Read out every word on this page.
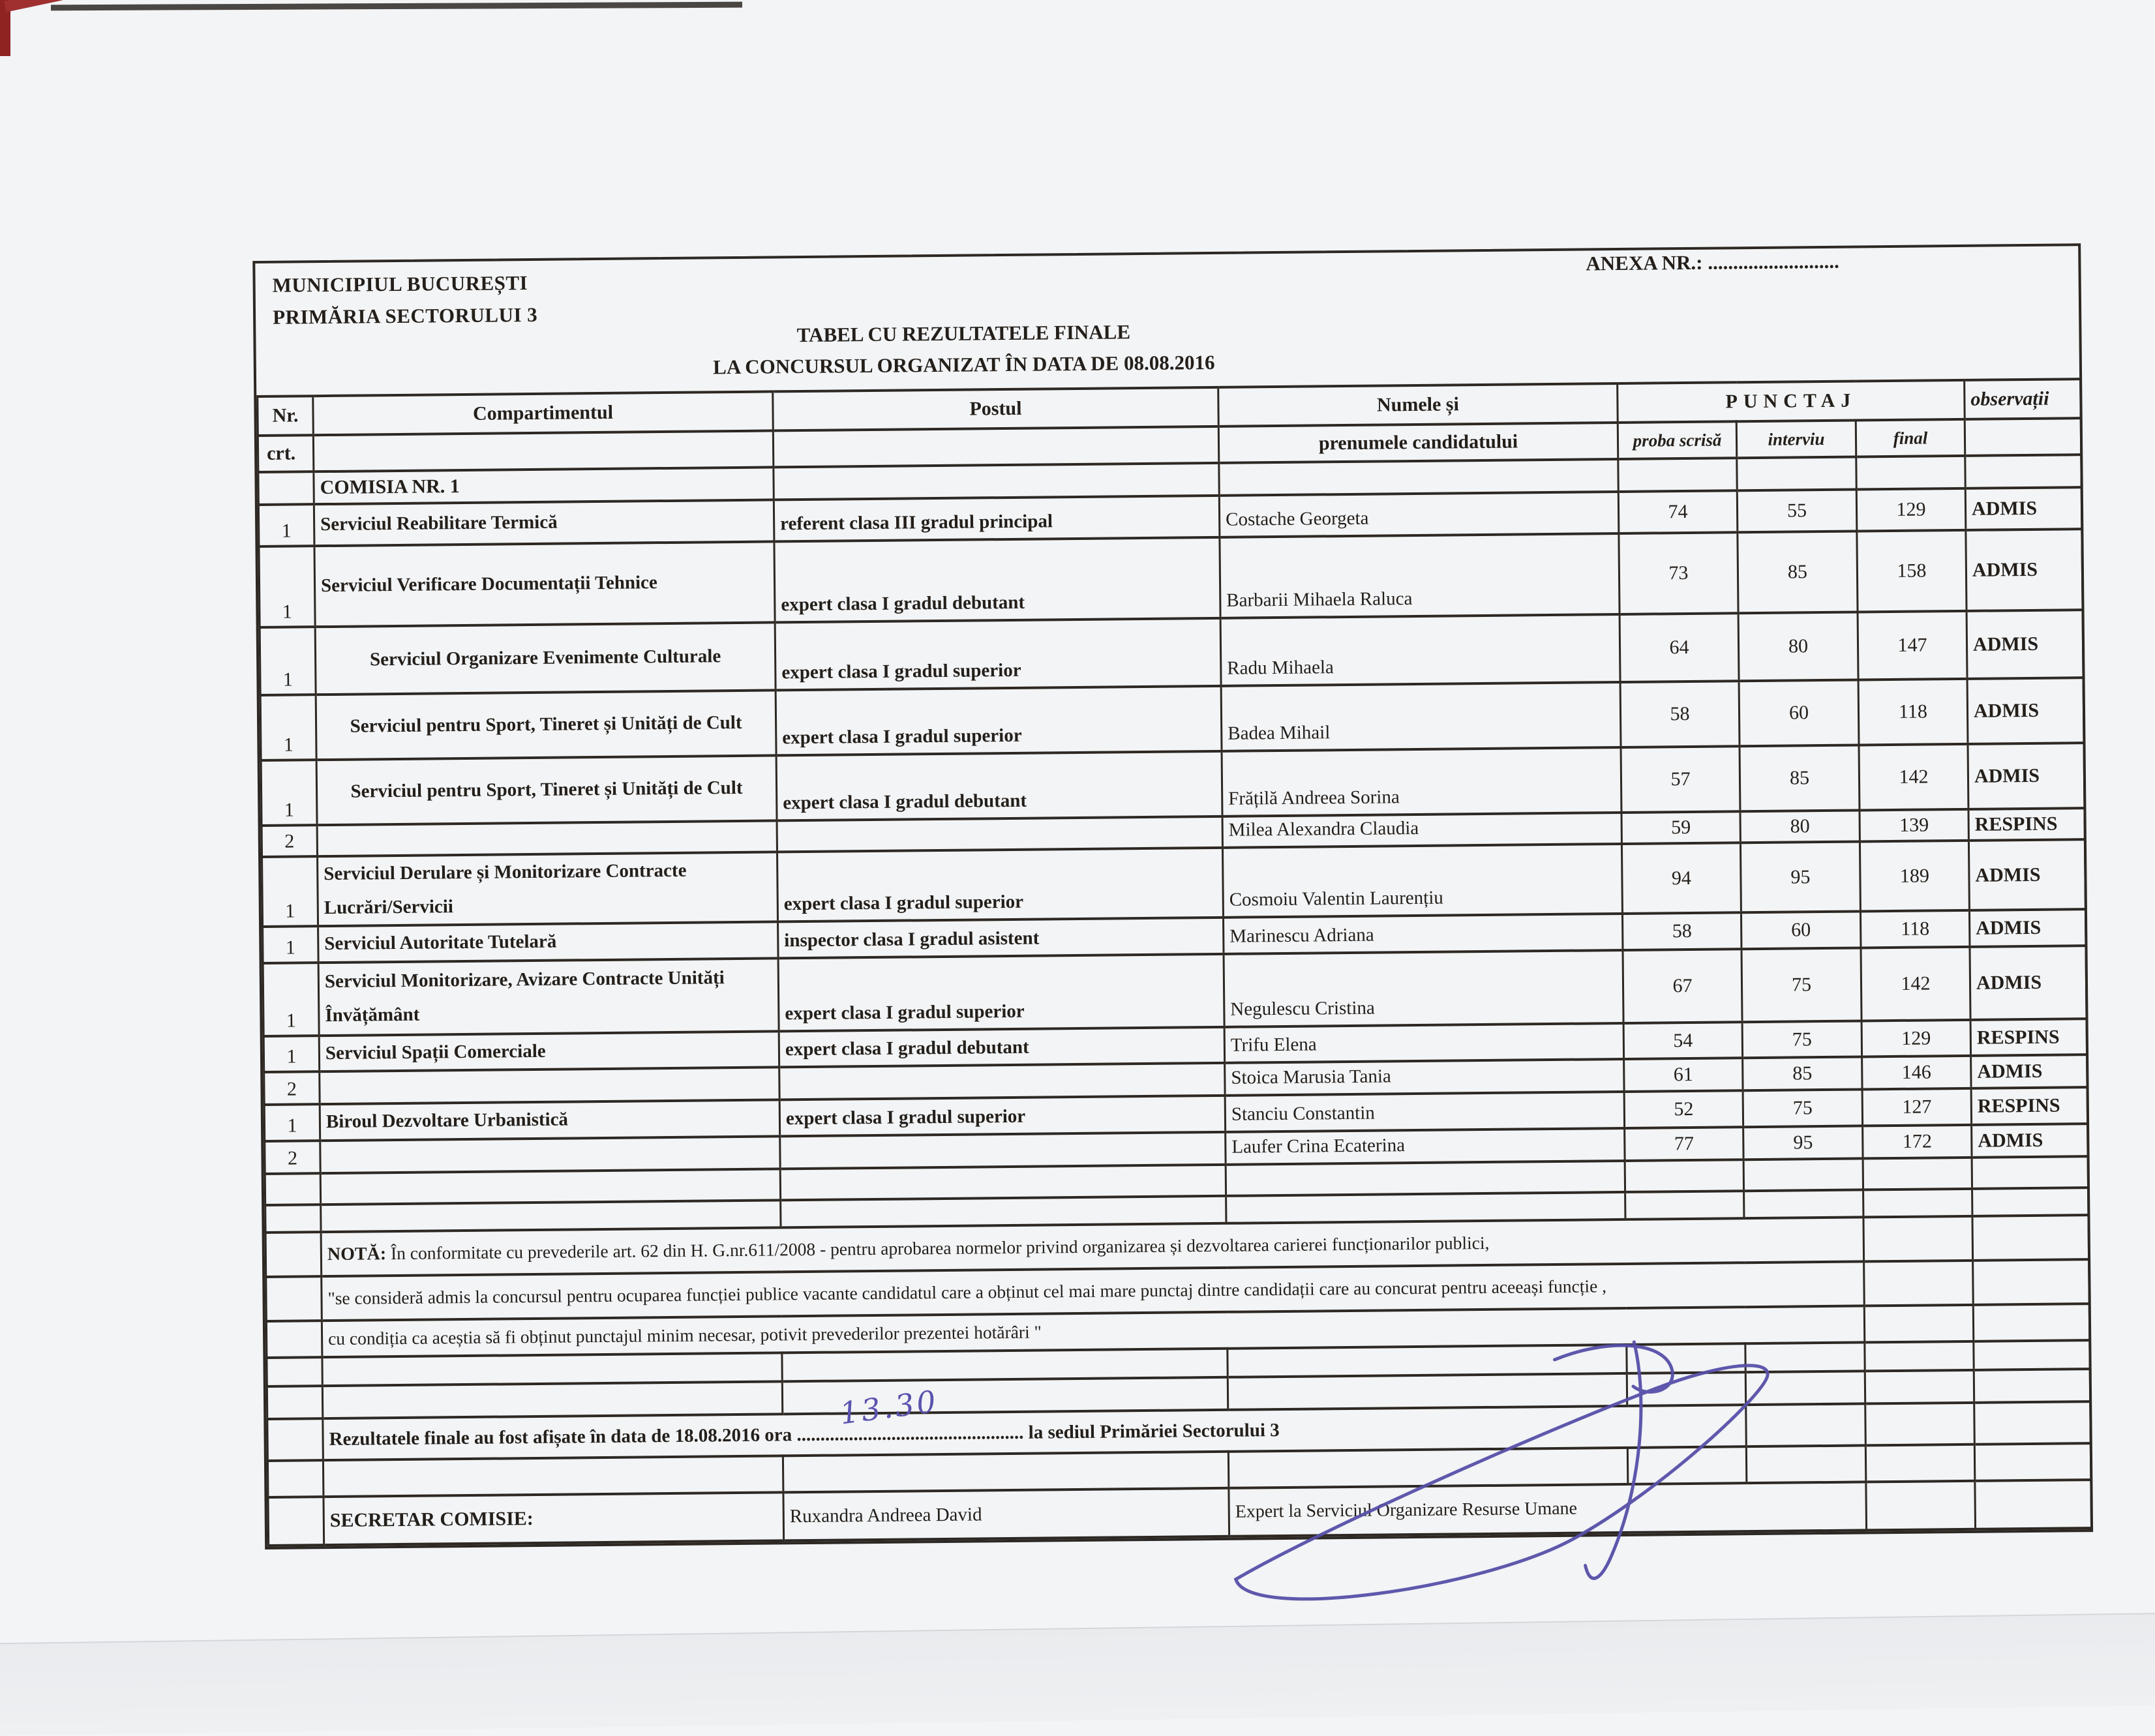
MUNICIPIUL BUCUREȘTI
PRIMĂRIA SECTORULUI 3
ANEXA NR.: ..........................
TABEL CU REZULTATELE FINALE
LA CONCURSUL ORGANIZAT ÎN DATA DE 08.08.2016
Nr.	Compartimentul	Postul	Numele și	PUNCTAJ			observații
crt.			prenumele candidatului	proba scrisă	interviu	final	
	COMISIA NR. 1						
1	Serviciul Reabilitare Termică	referent clasa III gradul principal	Costache Georgeta	74	55	129	ADMIS
1	Serviciul Verificare Documentații Tehnice	expert clasa I gradul debutant	Barbarii Mihaela Raluca	73	85	158	ADMIS
1	Serviciul Organizare Evenimente Culturale	expert clasa I gradul superior	Radu Mihaela	64	80	147	ADMIS
1	Serviciul pentru Sport, Tineret și Unități de Cult	expert clasa I gradul superior	Badea Mihail	58	60	118	ADMIS
1	Serviciul pentru Sport, Tineret și Unități de Cult	expert clasa I gradul debutant	Frățilă Andreea Sorina	57	85	142	ADMIS
2			Milea Alexandra Claudia	59	80	139	RESPINS
1	Serviciul Derulare și Monitorizare Contracte Lucrări/Servicii	expert clasa I gradul superior	Cosmoiu Valentin Laurențiu	94	95	189	ADMIS
1	Serviciul Autoritate Tutelară	inspector clasa I gradul asistent	Marinescu Adriana	58	60	118	ADMIS
1	Serviciul Monitorizare, Avizare Contracte Unități Învățământ	expert clasa I gradul superior	Negulescu Cristina	67	75	142	ADMIS
1	Serviciul Spații Comerciale	expert clasa I gradul debutant	Trifu Elena	54	75	129	RESPINS
2			Stoica Marusia Tania	61	85	146	ADMIS
1	Biroul Dezvoltare Urbanistică	expert clasa I gradul superior	Stanciu Constantin	52	75	127	RESPINS
2			Laufer Crina Ecaterina	77	95	172	ADMIS

	NOTĂ: În conformitate cu prevederile art. 62 din H. G.nr.611/2008 - pentru aprobarea normelor privind organizarea și dezvoltarea carierei funcționarilor publici,						
	"se consideră admis la concursul pentru ocuparea funcției publice vacante candidatul care a obținut cel mai mare punctaj dintre candidații care au concurat pentru aceeași funcție ,						
	cu condiția ca aceștia să fi obținut punctajul minim necesar, potivit prevederilor prezentei hotărâri "						

	Rezultatele finale au fost afișate în data de 18.08.2016 ora ................................................
13.30
la sediul Primăriei Sectorului 3						

	SECRETAR COMISIE:	Ruxandra Andreea David	Expert la Serviciul Organizare Resurse Umane				
